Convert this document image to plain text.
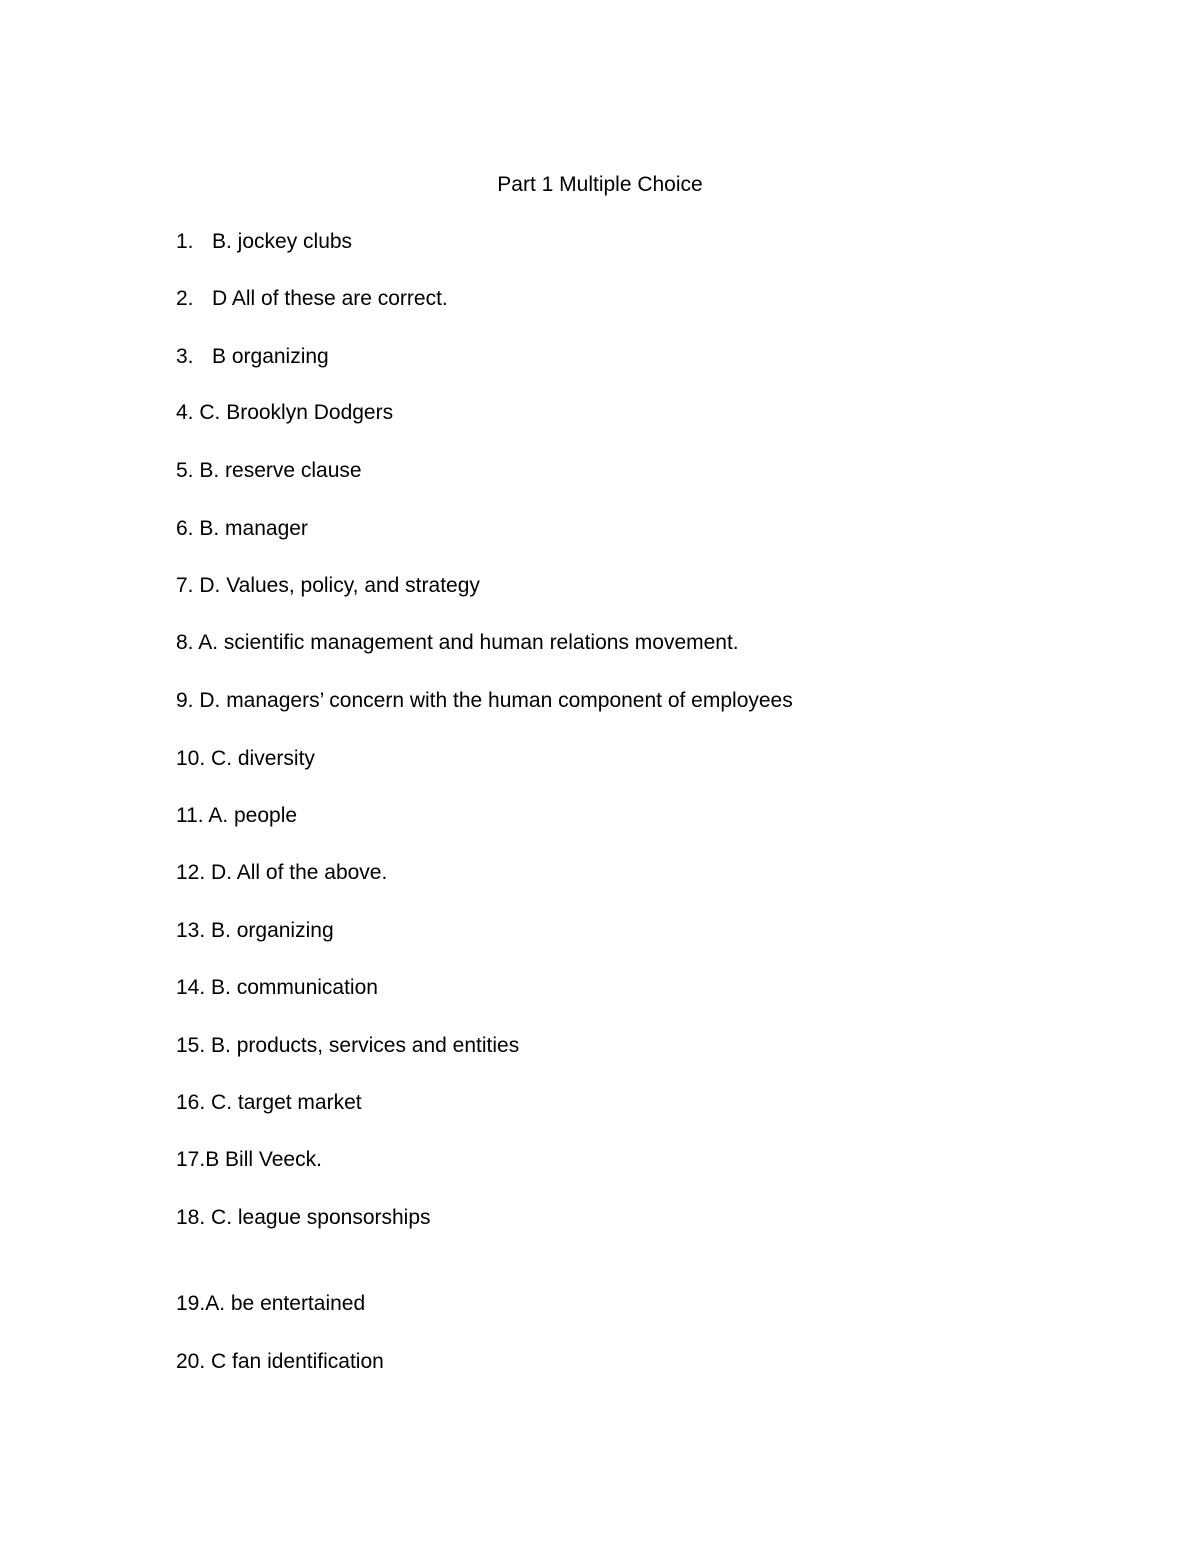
Part 1 Multiple Choice
1. B. jockey clubs
2. D All of these are correct.
3. B organizing
4. C. Brooklyn Dodgers
5. B. reserve clause
6. B. manager
7. D. Values, policy, and strategy
8. A. scientific management and human relations movement.
9. D. managers’ concern with the human component of employees
10. C. diversity
11. A. people
12. D. All of the above.
13. B. organizing
14. B. communication
15. B. products, services and entities
16. C. target market
17.B Bill Veeck.
18. C. league sponsorships
19.A. be entertained
20. C fan identification
